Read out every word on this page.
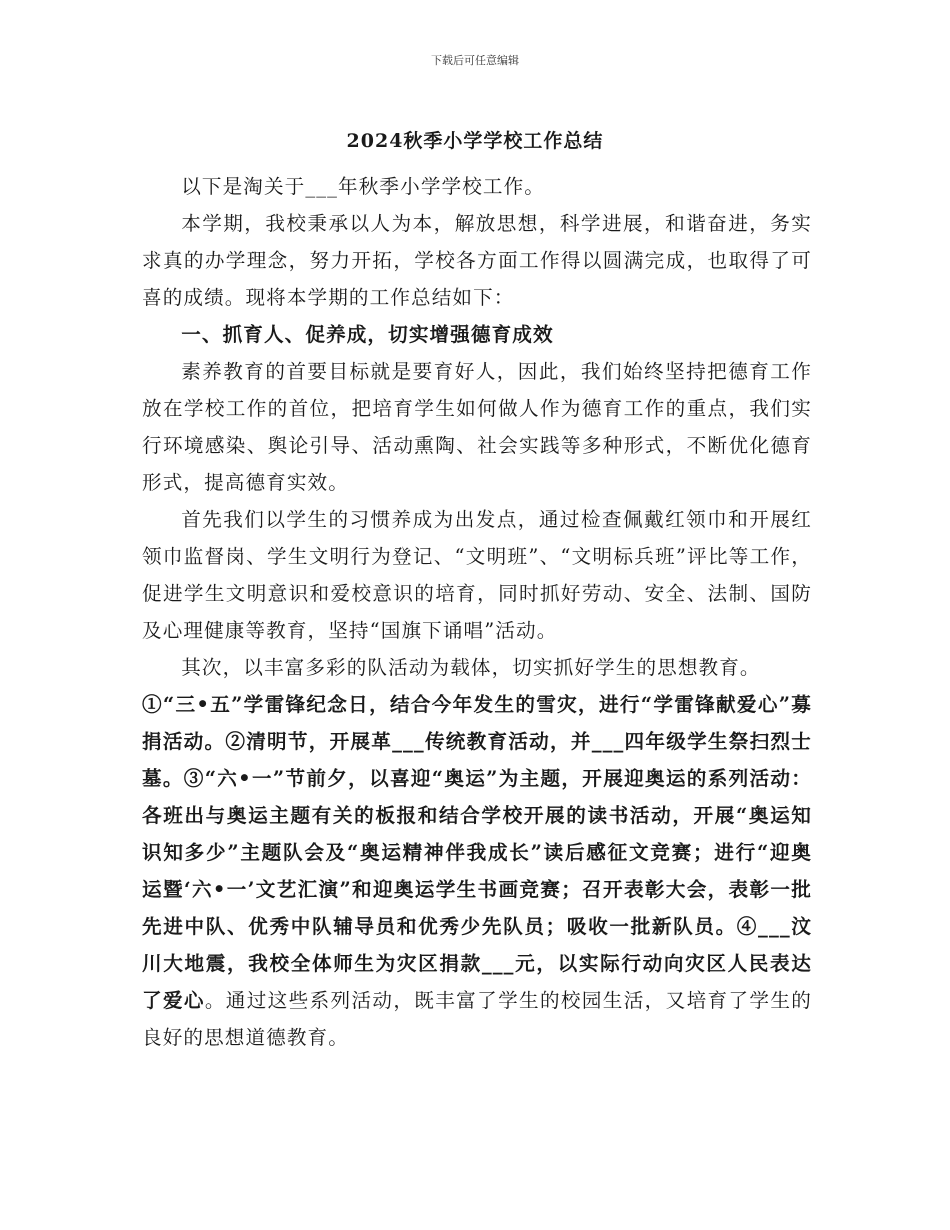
下载后可任意编辑
2024秋季小学学校工作总结

以下是淘关于___年秋季小学学校工作。

本学期，我校秉承以人为本，解放思想，科学进展，和谐奋进，务实求真的办学理念，努力开拓，学校各方面工作得以圆满完成，也取得了可喜的成绩。现将本学期的工作总结如下：

一、抓育人、促养成，切实增强德育成效

素养教育的首要目标就是要育好人，因此，我们始终坚持把德育工作放在学校工作的首位，把培育学生如何做人作为德育工作的重点，我们实行环境感染、舆论引导、活动熏陶、社会实践等多种形式，不断优化德育形式，提高德育实效。

首先我们以学生的习惯养成为出发点，通过检查佩戴红领巾和开展红领巾监督岗、学生文明行为登记、“文明班”、“文明标兵班”评比等工作，促进学生文明意识和爱校意识的培育，同时抓好劳动、安全、法制、国防及心理健康等教育，坚持“国旗下诵唱”活动。

其次，以丰富多彩的队活动为载体，切实抓好学生的思想教育。

①“三•五”学雷锋纪念日，结合今年发生的雪灾，进行“学雷锋献爱心”募捐活动。②清明节，开展革___传统教育活动，并___四年级学生祭扫烈士墓。③“六•一”节前夕，以喜迎“奥运”为主题，开展迎奥运的系列活动：各班出与奥运主题有关的板报和结合学校开展的读书活动，开展“奥运知识知多少”主题队会及“奥运精神伴我成长”读后感征文竞赛；进行“迎奥运暨‘六•一’文艺汇演”和迎奥运学生书画竞赛；召开表彰大会，表彰一批先进中队、优秀中队辅导员和优秀少先队员；吸收一批新队员。④___汶川大地震，我校全体师生为灾区捐款___元，以实际行动向灾区人民表达了爱心。通过这些系列活动，既丰富了学生的校园生活，又培育了学生的良好的思想道德教育。
